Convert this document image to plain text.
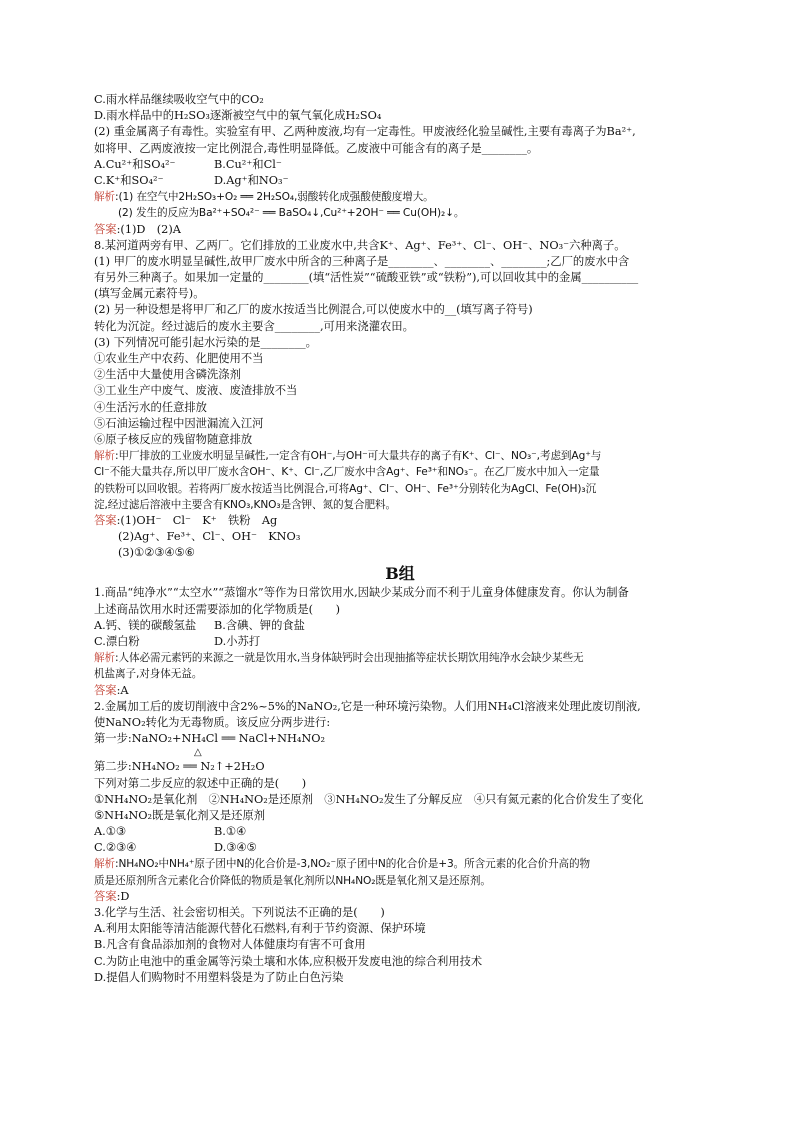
C.雨水样品继续吸收空气中的CO₂
D.雨水样品中的H₂SO₃逐渐被空气中的氧气氧化成H₂SO₄
(2) 重金属离子有毒性。实验室有甲、乙两种废液,均有一定毒性。甲废液经化验呈碱性,主要有毒离子为Ba²⁺,
如将甲、乙两废液按一定比例混合,毒性明显降低。乙废液中可能含有的离子是________。
A.Cu²⁺和SO₄²⁻	B.Cu²⁺和Cl⁻
C.K⁺和SO₄²⁻	D.Ag⁺和NO₃⁻
解析:(1) 在空气中2H₂SO₃+O₂ ══ 2H₂SO₄,弱酸转化成强酸使酸度增大。
(2) 发生的反应为Ba²⁺+SO₄²⁻ ══ BaSO₄↓,Cu²⁺+2OH⁻ ══ Cu(OH)₂↓。
答案:(1)D　(2)A
8.某河道两旁有甲、乙两厂。它们排放的工业废水中,共含K⁺、Ag⁺、Fe³⁺、Cl⁻、OH⁻、NO₃⁻六种离子。
(1) 甲厂的废水明显呈碱性,故甲厂废水中所含的三种离子是________、________、________;乙厂的废水中含
有另外三种离子。如果加一定量的________(填“活性炭”“硫酸亚铁”或“铁粉”),可以回收其中的金属__________
(填写金属元素符号)。
(2) 另一种设想是将甲厂和乙厂的废水按适当比例混合,可以使废水中的__(填写离子符号)
转化为沉淀。经过滤后的废水主要含________,可用来浇灌农田。
(3) 下列情况可能引起水污染的是________。
①农业生产中农药、化肥使用不当
②生活中大量使用含磷洗涤剂
③工业生产中废气、废液、废渣排放不当
④生活污水的任意排放
⑤石油运输过程中因泄漏流入江河
⑥原子核反应的残留物随意排放
解析:甲厂排放的工业废水明显呈碱性,一定含有OH⁻,与OH⁻可大量共存的离子有K⁺、Cl⁻、NO₃⁻,考虑到Ag⁺与
Cl⁻不能大量共存,所以甲厂废水含OH⁻、K⁺、Cl⁻,乙厂废水中含Ag⁺、Fe³⁺和NO₃⁻。在乙厂废水中加入一定量
的铁粉可以回收银。若将两厂废水按适当比例混合,可将Ag⁺、Cl⁻、OH⁻、Fe³⁺分别转化为AgCl、Fe(OH)₃沉
淀,经过滤后溶液中主要含有KNO₃,KNO₃是含钾、氮的复合肥料。
答案:(1)OH⁻　Cl⁻　K⁺　铁粉　Ag
(2)Ag⁺、Fe³⁺、Cl⁻、OH⁻　KNO₃
(3)①②③④⑤⑥
B组
1.商品“纯净水”“太空水”“蒸馏水”等作为日常饮用水,因缺少某成分而不利于儿童身体健康发育。你认为制备
上述商品饮用水时还需要添加的化学物质是(　　)
A.钙、镁的碳酸氢盐	B.含碘、钾的食盐
C.漂白粉	D.小苏打
解析:人体必需元素钙的来源之一就是饮用水,当身体缺钙时会出现抽搐等症状长期饮用纯净水会缺少某些无
机盐离子,对身体无益。
答案:A
2.金属加工后的废切削液中含2%~5%的NaNO₂,它是一种环境污染物。人们用NH₄Cl溶液来处理此废切削液,
使NaNO₂转化为无毒物质。该反应分两步进行:
第一步:NaNO₂+NH₄Cl ══ NaCl+NH₄NO₂
△
第二步:NH₄NO₂ ══ N₂↑+2H₂O
下列对第二步反应的叙述中正确的是(　　)
①NH₄NO₂是氧化剂　②NH₄NO₂是还原剂　③NH₄NO₂发生了分解反应　④只有氮元素的化合价发生了变化
⑤NH₄NO₂既是氧化剂又是还原剂
A.①③	B.①④
C.②③④	D.③④⑤
解析:NH₄NO₂中NH₄⁺原子团中N的化合价是-3,NO₂⁻原子团中N的化合价是+3。所含元素的化合价升高的物
质是还原剂所含元素化合价降低的物质是氧化剂所以NH₄NO₂既是氧化剂又是还原剂。
答案:D
3.化学与生活、社会密切相关。下列说法不正确的是(　　)
A.利用太阳能等清洁能源代替化石燃料,有利于节约资源、保护环境
B.凡含有食品添加剂的食物对人体健康均有害不可食用
C.为防止电池中的重金属等污染土壤和水体,应积极开发废电池的综合利用技术
D.提倡人们购物时不用塑料袋是为了防止白色污染
